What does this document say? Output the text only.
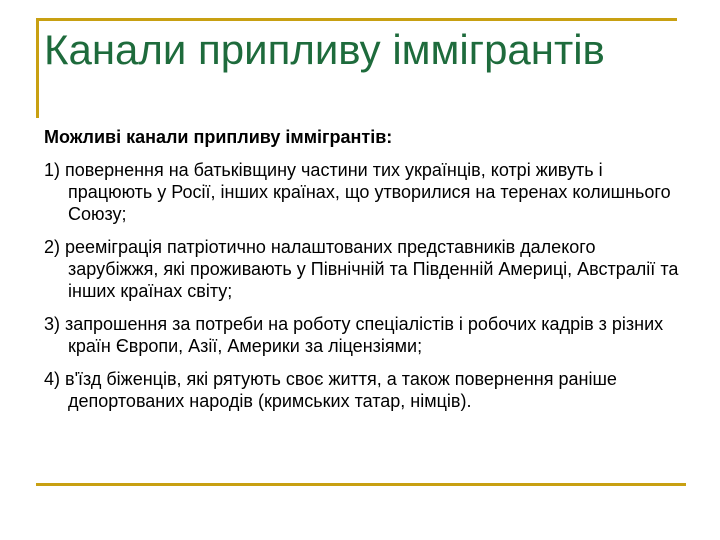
Канали припливу іммігрантів

Можливі канали припливу іммігрантів:

1) повернення на батьківщину частини тих українців, котрі живуть і працюють у Росії, інших країнах, що утворилися на теренах колишнього Союзу;

2) реемігpація патріотично налаштованих представників далекого зарубіжжя, які проживають у Північній та Південній Америці, Австралії та інших країнах світу;

3) запрошення за потреби на роботу спеціалістів і робочих кадрів з різних країн Європи, Азії, Америки за ліцензіями;

4) в'їзд біженців, які рятують своє життя, а також повернення раніше депортованих народів (кримських татар, німців).
